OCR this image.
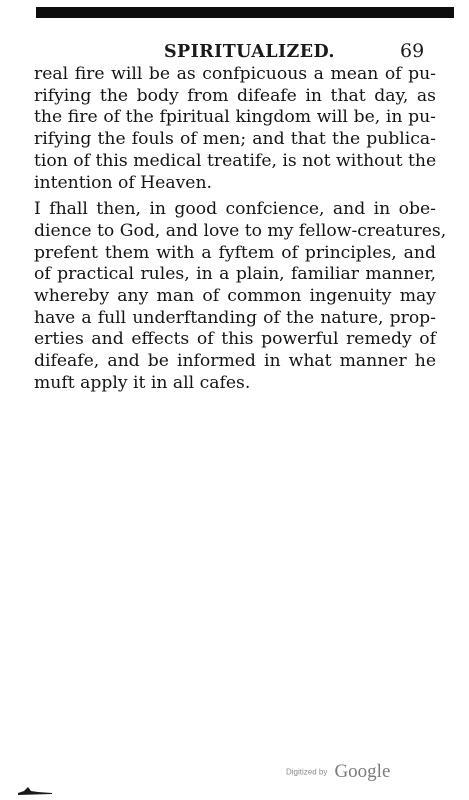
SPIRITUALIZED.	69
real fire will be as confpicuous a mean of pu-
rifying the body from difeafe in that day, as
the fire of the fpiritual kingdom will be, in pu-
rifying the fouls of men; and that the publica-
tion of this medical treatife, is not without the
intention of Heaven.
I fhall then, in good confcience, and in obe-
dience to God, and love to my fellow-creatures,
prefent them with a fyftem of principles, and
of practical rules, in a plain, familiar manner,
whereby any man of common ingenuity may
have a full underftanding of the nature, prop-
erties and effects of this powerful remedy of
difeafe, and be informed in what manner he
muft apply it in all cafes.
Digitized by Google
